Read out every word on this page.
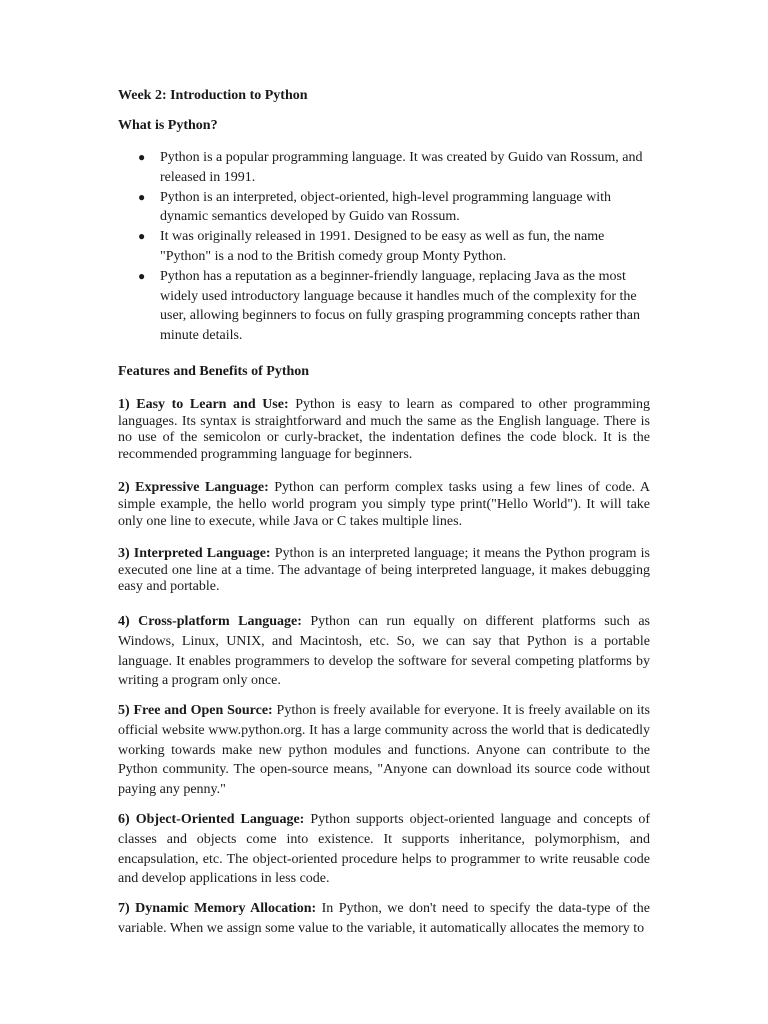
Week 2: Introduction to Python
What is Python?
● Python is a popular programming language. It was created by Guido van Rossum, and released in 1991.
● Python is an interpreted, object-oriented, high-level programming language with dynamic semantics developed by Guido van Rossum.
● It was originally released in 1991. Designed to be easy as well as fun, the name "Python" is a nod to the British comedy group Monty Python.
● Python has a reputation as a beginner-friendly language, replacing Java as the most widely used introductory language because it handles much of the complexity for the user, allowing beginners to focus on fully grasping programming concepts rather than minute details.
Features and Benefits of Python

1) Easy to Learn and Use: Python is easy to learn as compared to other programming languages. Its syntax is straightforward and much the same as the English language. There is no use of the semicolon or curly-bracket, the indentation defines the code block. It is the recommended programming language for beginners.

2) Expressive Language: Python can perform complex tasks using a few lines of code. A simple example, the hello world program you simply type print("Hello World"). It will take only one line to execute, while Java or C takes multiple lines.

3) Interpreted Language: Python is an interpreted language; it means the Python program is executed one line at a time. The advantage of being interpreted language, it makes debugging easy and portable.

4) Cross-platform Language: Python can run equally on different platforms such as Windows, Linux, UNIX, and Macintosh, etc. So, we can say that Python is a portable language. It enables programmers to develop the software for several competing platforms by writing a program only once.

5) Free and Open Source: Python is freely available for everyone. It is freely available on its official website www.python.org. It has a large community across the world that is dedicatedly working towards make new python modules and functions. Anyone can contribute to the Python community. The open-source means, "Anyone can download its source code without paying any penny."

6) Object-Oriented Language: Python supports object-oriented language and concepts of classes and objects come into existence. It supports inheritance, polymorphism, and encapsulation, etc. The object-oriented procedure helps to programmer to write reusable code and develop applications in less code.

7) Dynamic Memory Allocation: In Python, we don't need to specify the data-type of the variable. When we assign some value to the variable, it automatically allocates the memory to
